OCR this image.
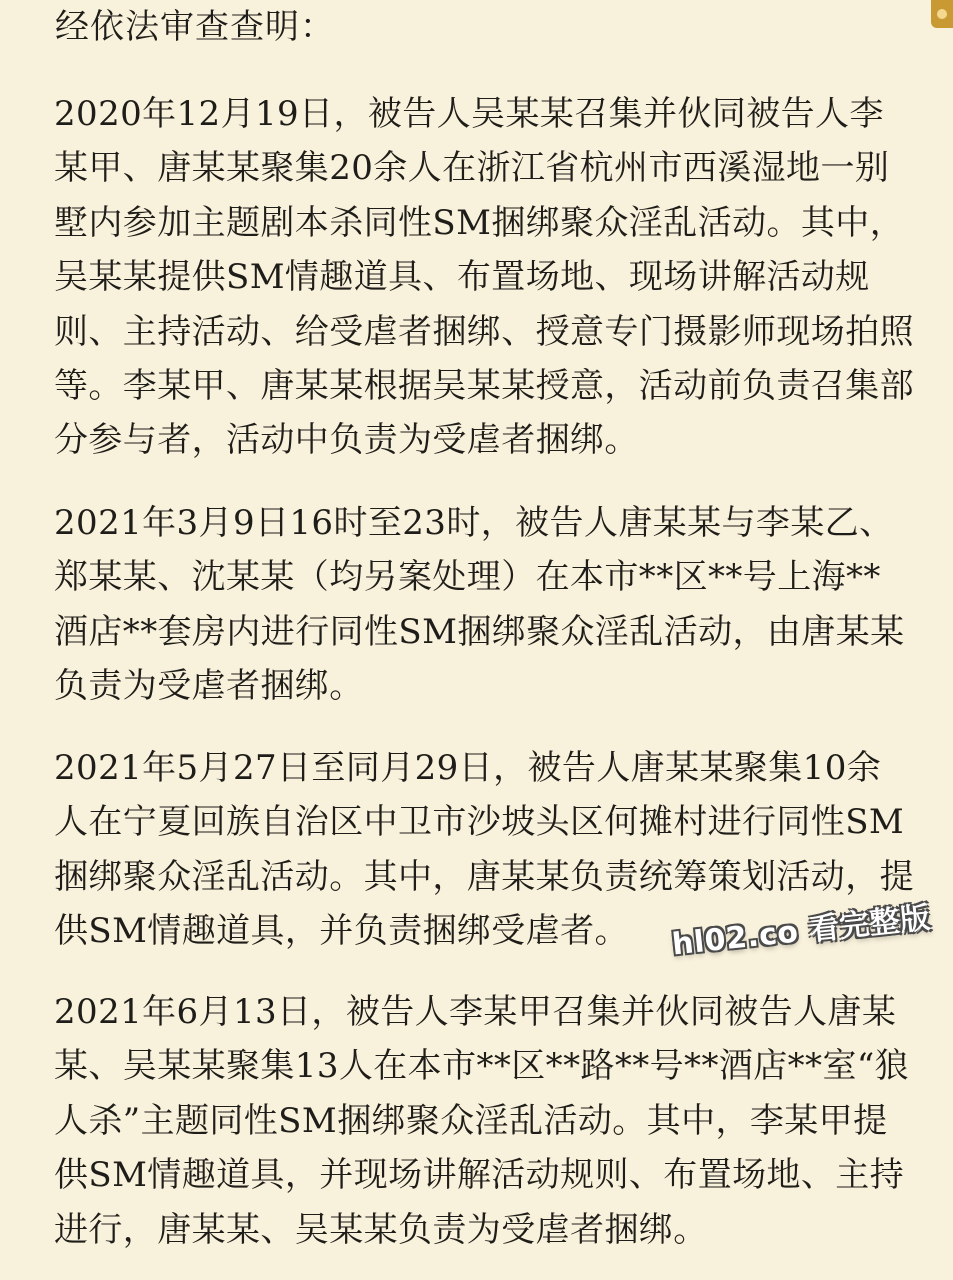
经依法审查查明：
2020年12月19日，被告人吴某某召集并伙同被告人李某甲、唐某某聚集20余人在浙江省杭州市西溪湿地一别墅内参加主题剧本杀同性SM捆绑聚众淫乱活动。其中，吴某某提供SM情趣道具、布置场地、现场讲解活动规则、主持活动、给受虐者捆绑、授意专门摄影师现场拍照等。李某甲、唐某某根据吴某某授意，活动前负责召集部分参与者，活动中负责为受虐者捆绑。
2021年3月9日16时至23时，被告人唐某某与李某乙、郑某某、沈某某（均另案处理）在本市**区**号上海**酒店**套房内进行同性SM捆绑聚众淫乱活动，由唐某某负责为受虐者捆绑。
2021年5月27日至同月29日，被告人唐某某聚集10余人在宁夏回族自治区中卫市沙坡头区何摊村进行同性SM捆绑聚众淫乱活动。其中，唐某某负责统筹策划活动，提供SM情趣道具，并负责捆绑受虐者。
2021年6月13日，被告人李某甲召集并伙同被告人唐某某、吴某某聚集13人在本市**区**路**号**酒店**室“狼人杀”主题同性SM捆绑聚众淫乱活动。其中，李某甲提供SM情趣道具，并现场讲解活动规则、布置场地、主持进行，唐某某、吴某某负责为受虐者捆绑。
hl02.co 看完整版
